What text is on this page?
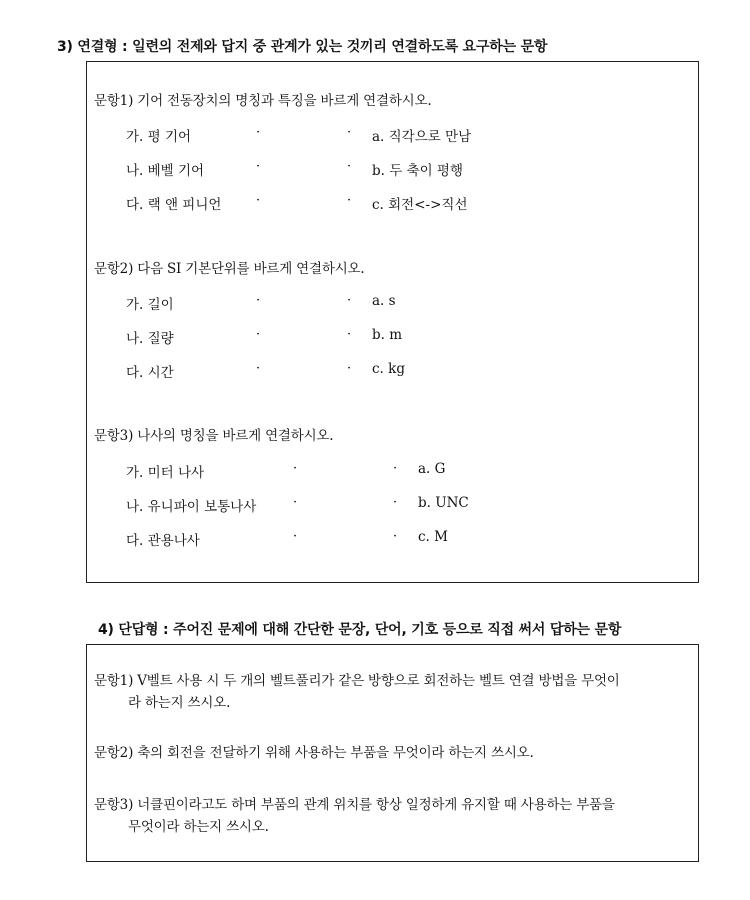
3) 연결형 : 일련의 전제와 답지 중 관계가 있는 것끼리 연결하도록 요구하는 문항
문항1) 기어 전동장치의 명칭과 특징을 바르게 연결하시오.
가. 평 기어
나. 베벨 기어
다. 랙 앤 피니언
·
·
·
·
·
·
a. 직각으로 만남
b. 두 축이 평행
c. 회전<->직선
문항2) 다음 SI 기본단위를 바르게 연결하시오.
가. 길이
나. 질량
다. 시간
·
·
·
·
·
·
a. s
b. m
c. kg
문항3) 나사의 명칭을 바르게 연결하시오.
가. 미터 나사
나. 유니파이 보통나사
다. 관용나사
·
·
·
·
·
·
a. G
b. UNC
c. M
4) 단답형 : 주어진 문제에 대해 간단한 문장, 단어, 기호 등으로 직접 써서 답하는 문항
문항1) V벨트 사용 시 두 개의 벨트풀리가 같은 방향으로 회전하는 벨트 연결 방법을 무엇이
라 하는지 쓰시오.
문항2) 축의 회전을 전달하기 위해 사용하는 부품을 무엇이라 하는지 쓰시오.
문항3) 너클핀이라고도 하며 부품의 관계 위치를 항상 일정하게 유지할 때 사용하는 부품을
무엇이라 하는지 쓰시오.
